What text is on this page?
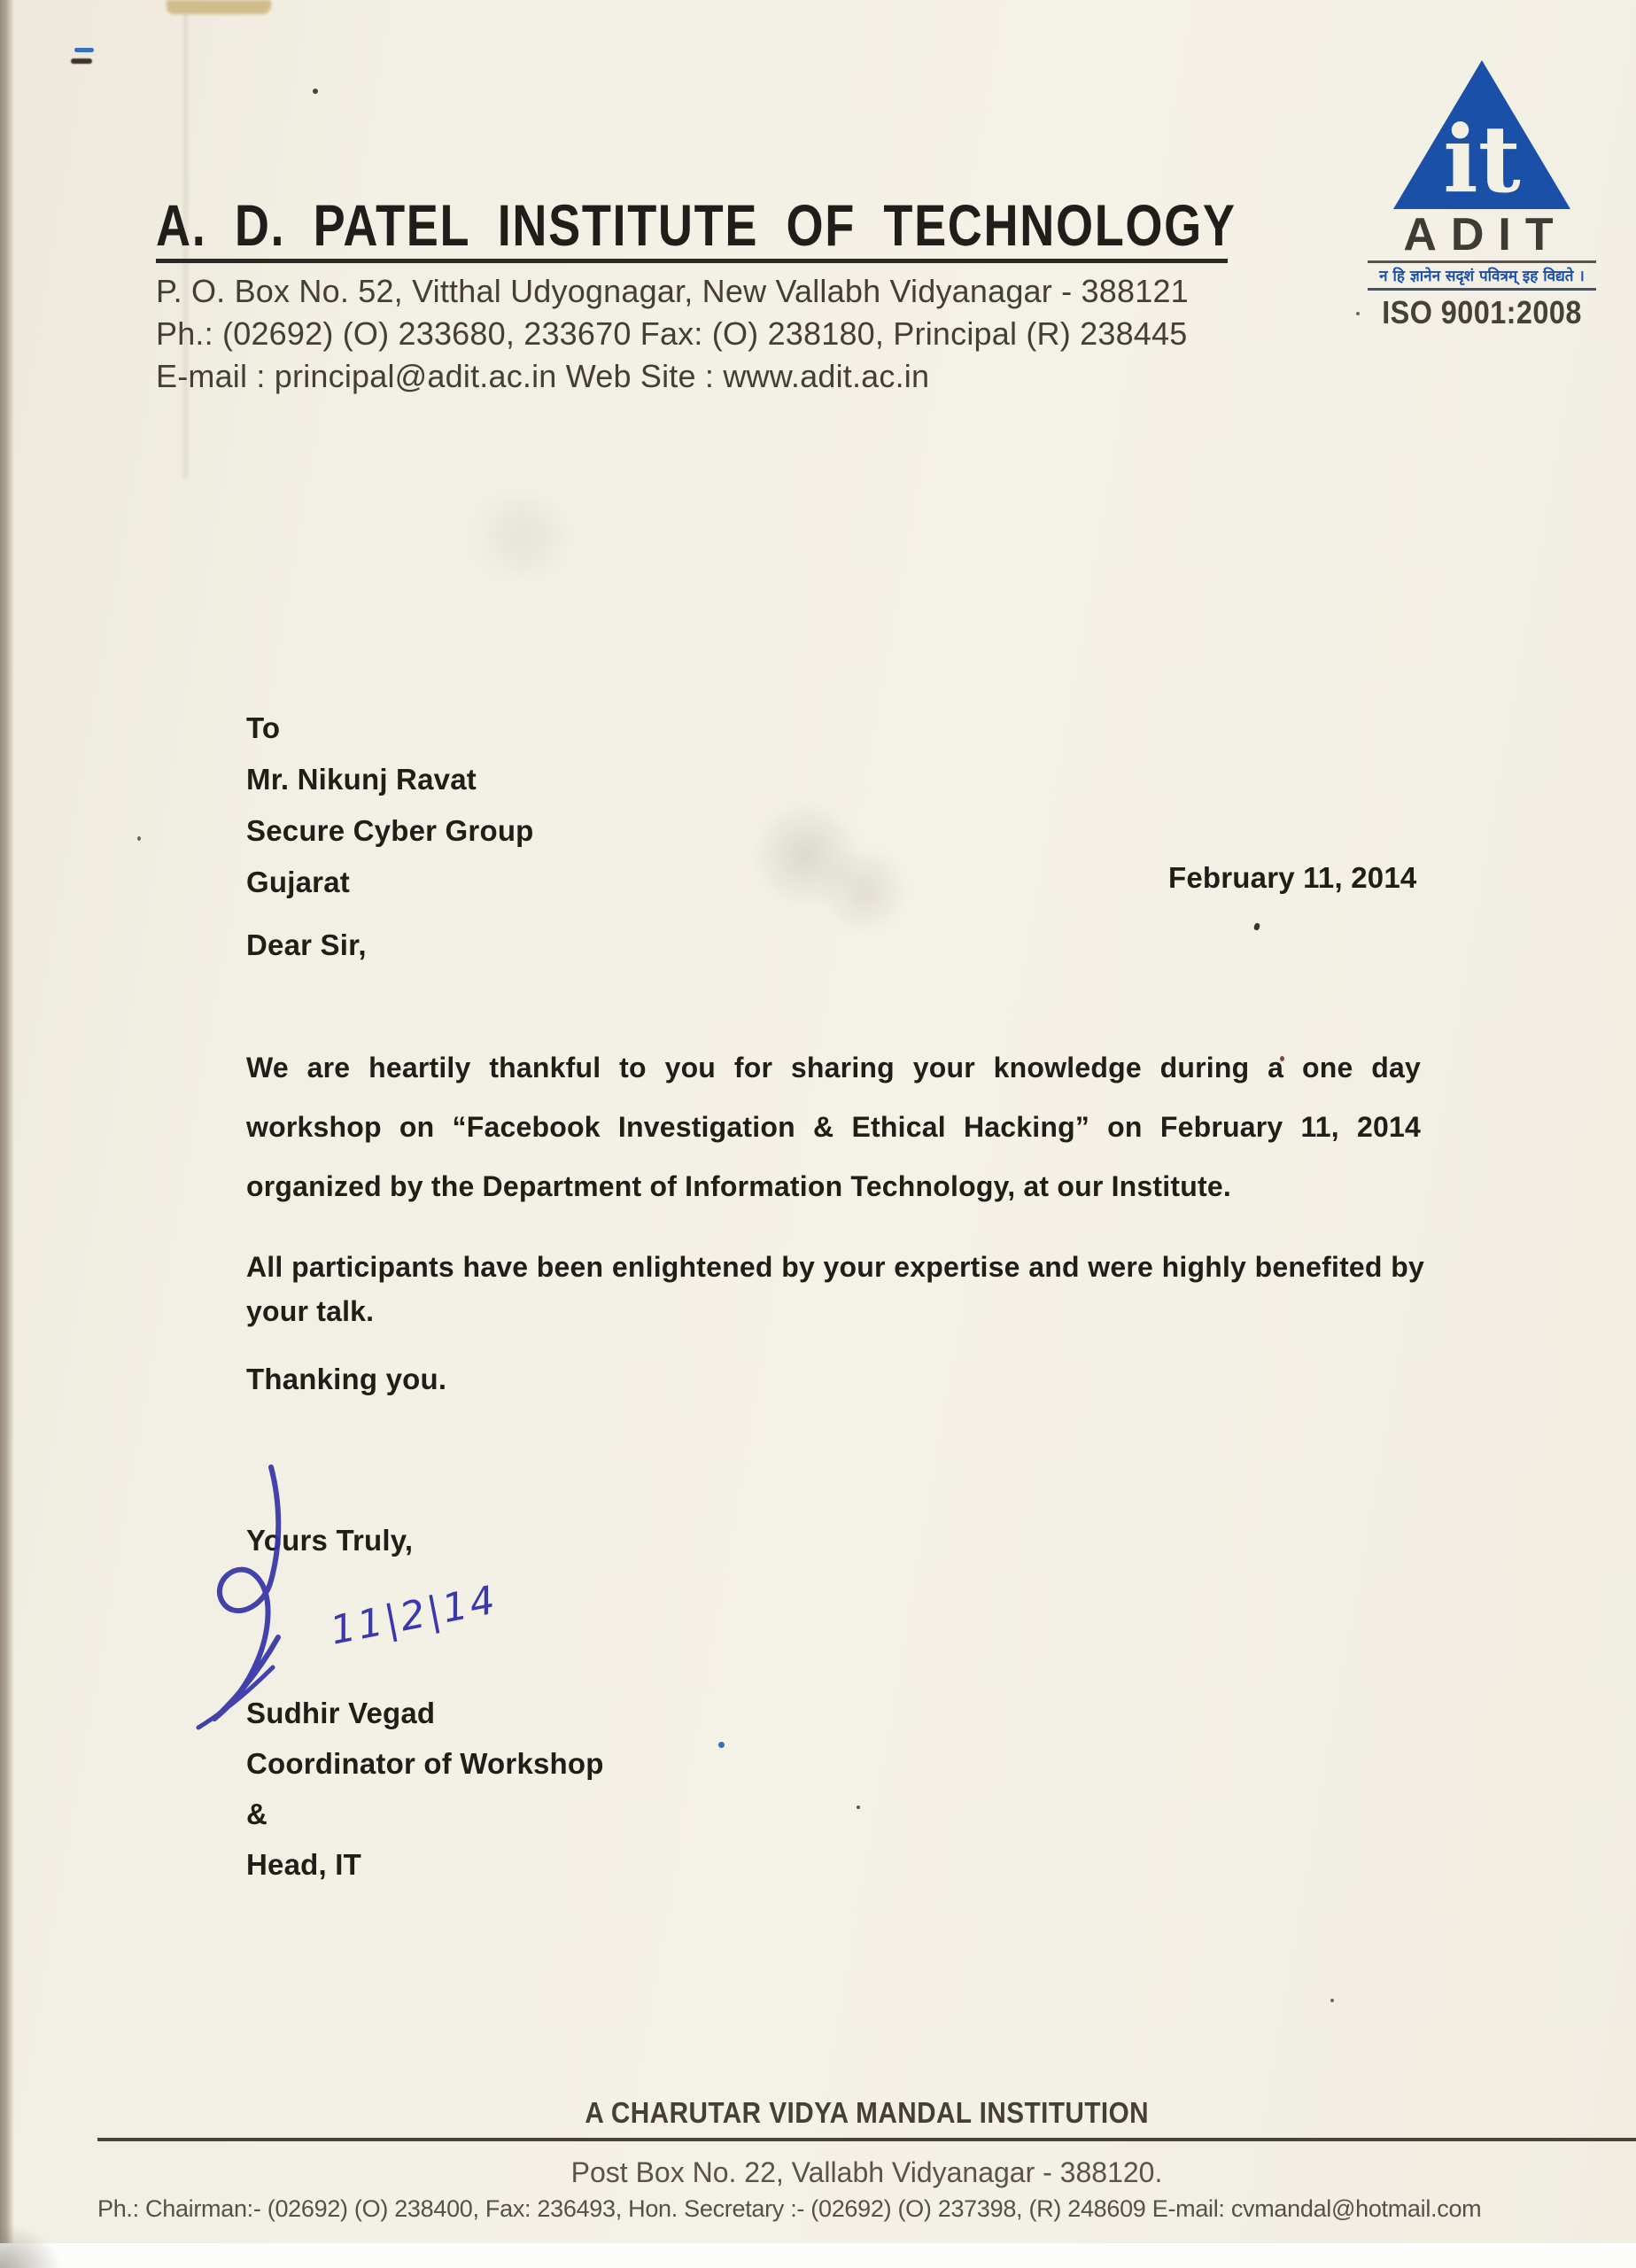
A. D. PATEL INSTITUTE OF TECHNOLOGY
P. O. Box No. 52, Vitthal Udyognagar, New Vallabh Vidyanagar - 388121
Ph.: (02692) (O) 233680, 233670 Fax: (O) 238180, Principal (R) 238445
E-mail : principal@adit.ac.in Web Site : www.adit.ac.in
it
ADIT
न हि ज्ञानेन सदृशं पवित्रम् इह विद्यते ।
ISO 9001:2008
To
Mr. Nikunj Ravat
Secure Cyber Group
Gujarat	February 11, 2014
Dear Sir,
We are heartily thankful to you for sharing your knowledge during a one day workshop on “Facebook Investigation & Ethical Hacking” on February 11, 2014 organized by the Department of Information Technology, at our Institute.
All participants have been enlightened by your expertise and were highly benefited by your talk.
Thanking you.
Yours Truly,
11|2|14
Sudhir Vegad
Coordinator of Workshop
&
Head, IT
A CHARUTAR VIDYA MANDAL INSTITUTION
Post Box No. 22, Vallabh Vidyanagar - 388120.
Ph.: Chairman:- (02692) (O) 238400, Fax: 236493, Hon. Secretary :- (02692) (O) 237398, (R) 248609 E-mail: cvmandal@hotmail.com
